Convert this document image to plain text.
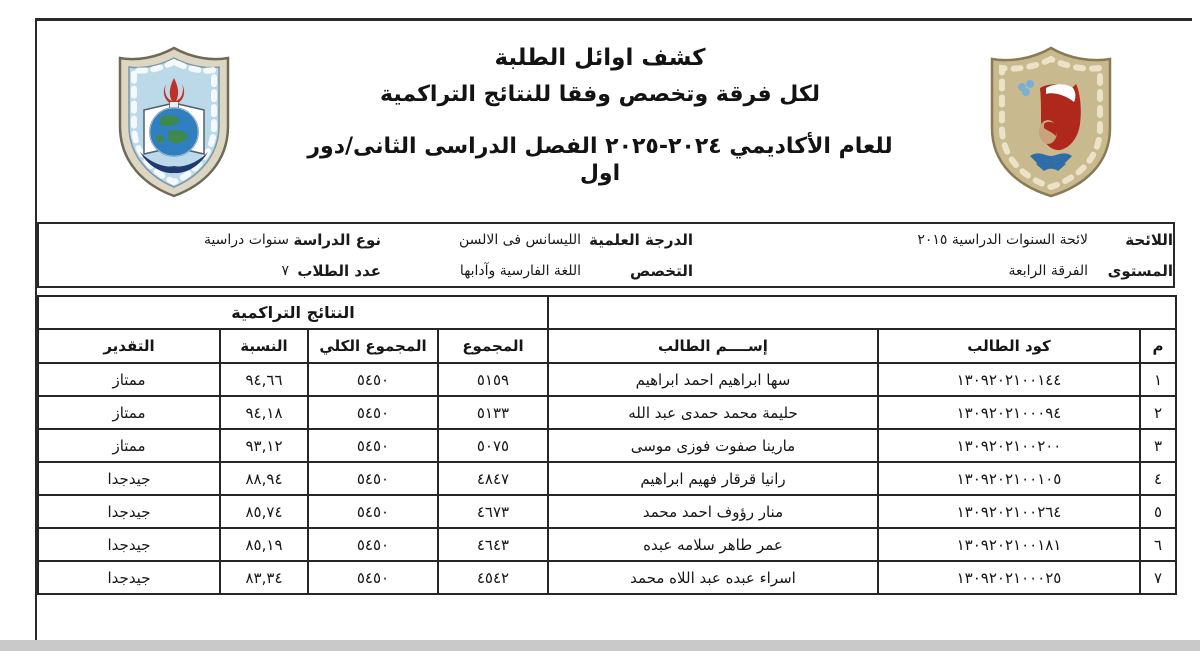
كشف اوائل الطلبة
لكل فرقة وتخصص وفقا للنتائج التراكمية
للعام الأكاديمي ٢٠٢٤-٢٠٢٥ الفصل الدراسى الثانى/دور
اول
اللائحة
لائحة السنوات الدراسية ٢٠١٥
الدرجة العلمية
الليسانس فى الالسن
نوع الدراسة
سنوات دراسية
المستوى
الفرقة الرابعة
التخصص
اللغة الفارسية وآدابها
عدد الطلاب
٧
			النتائج التراكمية			
م	كود الطالب	إســــم الطالب	المجموع	المجموع الكلي	النسبة	التقدير
١	١٣٠٩٢٠٢١٠٠١٤٤	سها ابراهيم احمد ابراهيم	٥١٥٩	٥٤٥٠	٩٤,٦٦	ممتاز
٢	١٣٠٩٢٠٢١٠٠٠٩٤	حليمة محمد حمدى عبد الله	٥١٣٣	٥٤٥٠	٩٤,١٨	ممتاز
٣	١٣٠٩٢٠٢١٠٠٢٠٠	مارينا صفوت فوزى موسى	٥٠٧٥	٥٤٥٠	٩٣,١٢	ممتاز
٤	١٣٠٩٢٠٢١٠٠١٠٥	رانيا قرقار فهيم ابراهيم	٤٨٤٧	٥٤٥٠	٨٨,٩٤	جيدجدا
٥	١٣٠٩٢٠٢١٠٠٢٦٤	منار رؤوف احمد محمد	٤٦٧٣	٥٤٥٠	٨٥,٧٤	جيدجدا
٦	١٣٠٩٢٠٢١٠٠١٨١	عمر طاهر سلامه عبده	٤٦٤٣	٥٤٥٠	٨٥,١٩	جيدجدا
٧	١٣٠٩٢٠٢١٠٠٠٢٥	اسراء عبده عبد اللاه محمد	٤٥٤٢	٥٤٥٠	٨٣,٣٤	جيدجدا
